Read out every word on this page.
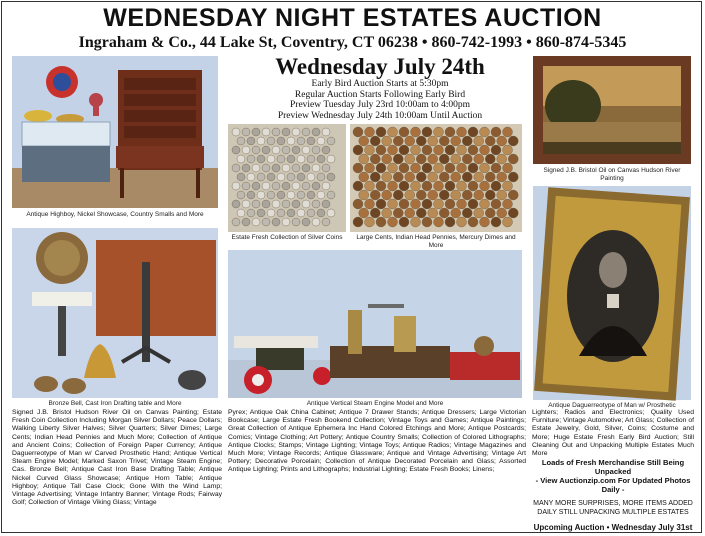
WEDNESDAY NIGHT ESTATES AUCTION
Ingraham & Co., 44 Lake St, Coventry, CT 06238 • 860-742-1993 • 860-874-5345
Wednesday July 24th
Early Bird Auction Starts at 5:30pm
Regular Auction Starts Following Early Bird
Preview Tuesday July 23rd 10:00am to 4:00pm
Preview Wednesday July 24th 10:00am Until Auction
Antique Highboy, Nickel Showcase, Country Smalls and More
Estate Fresh Collection of Silver Coins	Large Cents, Indian Head Pennies, Mercury Dimes and More
Signed J.B. Bristol Oil on Canvas Hudson River Painting
Bronze Bell, Cast Iron Drafting table and More	Antique Vertical Steam Engine Model and More	Antique Daguerreotype of Man w/ Prosthetic
Signed J.B. Bristol Hudson River Oil on Canvas Painting; Estate Fresh Coin Collection Including Morgan Silver Dollars; Peace Dollars; Walking Liberty Silver Halves; Silver Quarters; Silver Dimes; Large Cents; Indian Head Pennies and Much More; Collection of Antique and Ancient Coins; Collection of Foreign Paper Currency; Antique Daguerreotype of Man w/ Carved Prosthetic Hand; Antique Vertical Steam Engine Model; Marked Saxon Trivet; Vintage Steam Engine; Cas. Bronze Bell; Antique Cast Iron Base Drafting Table; Antique Nickel Curved Glass Showcase; Antique Horn Table; Antique Highboy; Antique Tall Case Clock; Gone With the Wind Lamp; Vintage Advertising; Vintage Infantry Banner; Vintage Rods; Fairway Golf; Collection of Vintage Viking Glass; Vintage
Pyrex; Antique Oak China Cabinet; Antique 7 Drawer Stands; Antique Dressers; Large Victorian Bookcase; Large Estate Fresh Bookend Collection; Vintage Toys and Games; Antique Paintings; Great Collection of Antique Ephemera Inc Hand Colored Etchings and More; Antique Postcards; Comics; Vintage Clothing; Art Pottery; Antique Country Smalls; Collection of Colored Lithographs; Antique Clocks; Stamps; Vintage Lighting; Vintage Toys; Antique Radios; Vintage Magazines and Much More; Vintage Records; Antique Glassware; Antique and Vintage Advertising; Vintage Art Pottery; Decorative Porcelain; Collection of Antique Decorated Porcelain and Glass; Assorted Antique Lighting; Prints and Lithographs; Industrial Lighting; Estate Fresh Books; Linens;
Lighters; Radios and Electronics; Quality Used Furniture; Vintage Automotive; Art Glass; Collection of Estate Jewelry, Gold, Silver, Coins; Costume and More; Huge Estate Fresh Early Bird Auction; Still Cleaning Out and Unpacking Multiple Estates Much More
Loads of Fresh Merchandise Still Being Unpacked
- View Auctionzip.com For Updated Photos Daily -
MANY MORE SURPRISES, MORE ITEMS ADDED
DAILY STILL UNPACKING MULTIPLE ESTATES
Upcoming Auction • Wednesday July 31st
